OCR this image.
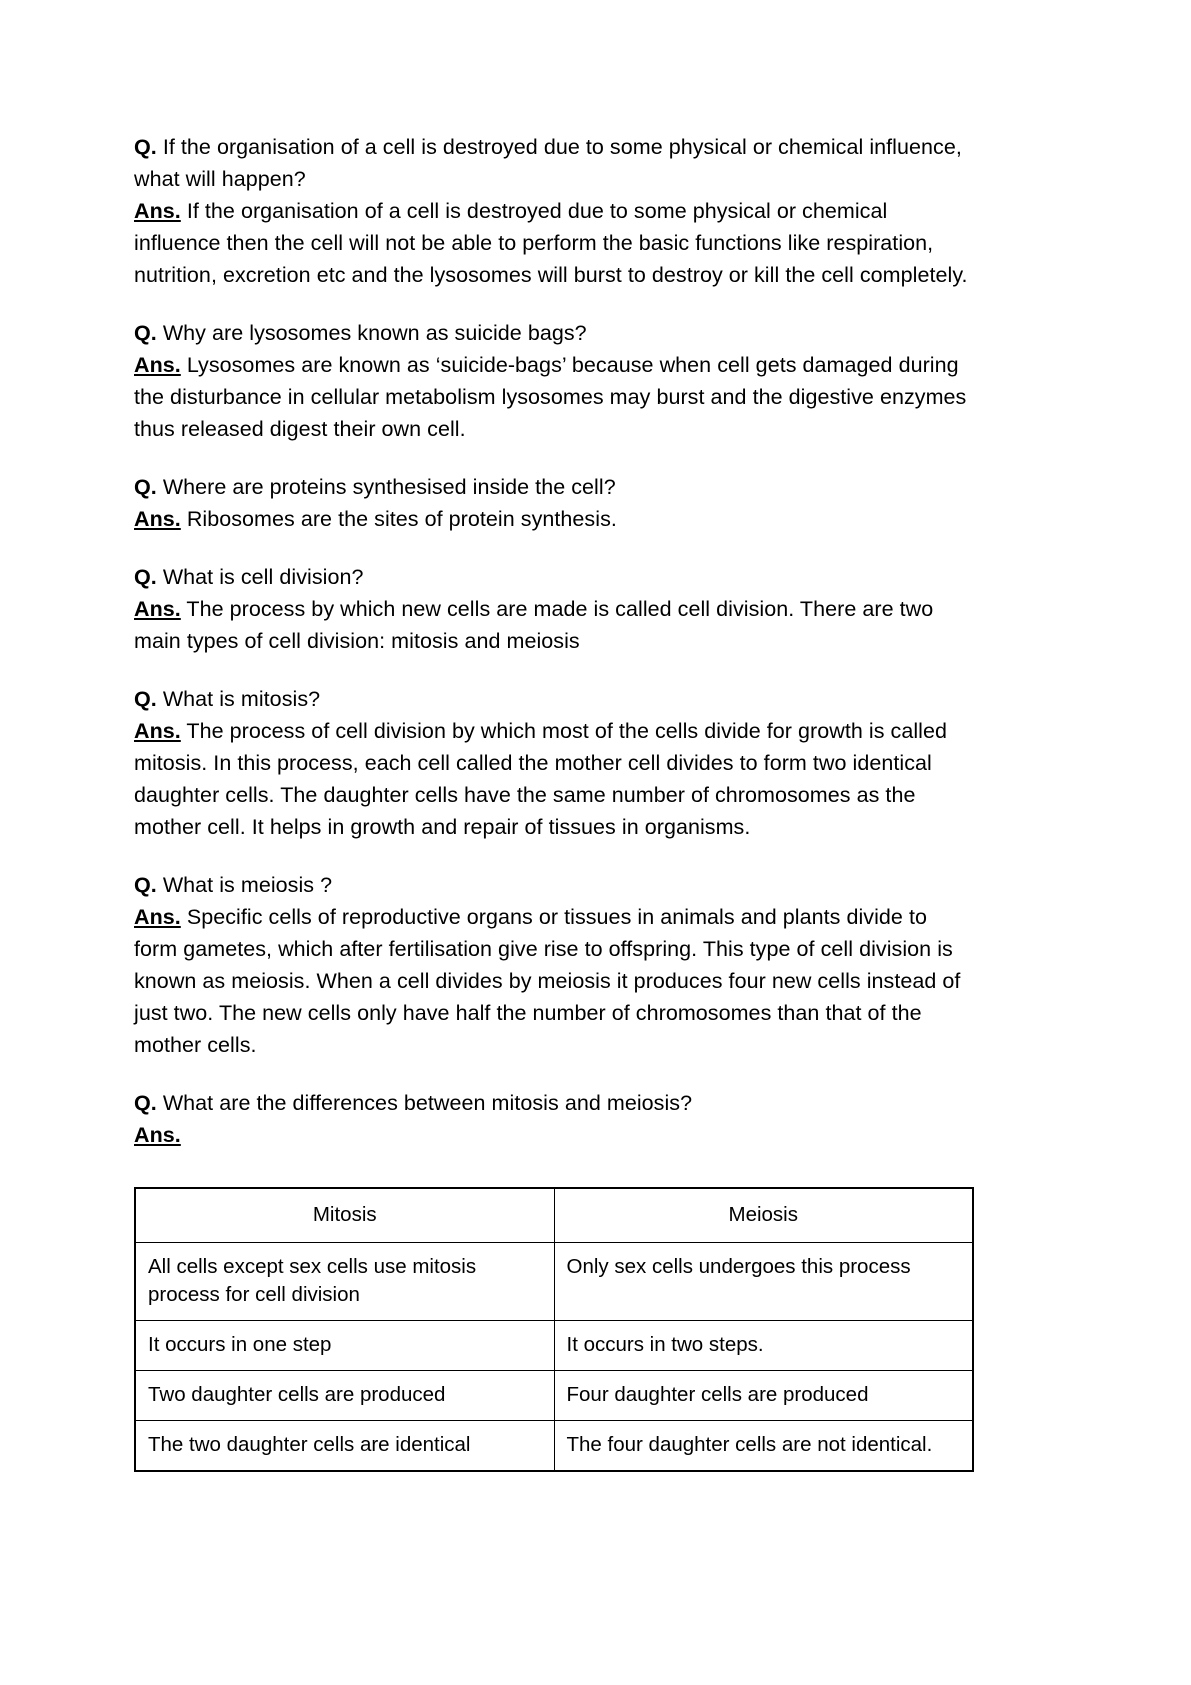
Q. If the organisation of a cell is destroyed due to some physical or chemical influence, what will happen?
Ans. If the organisation of a cell is destroyed due to some physical or chemical influence then the cell will not be able to perform the basic functions like respiration, nutrition, excretion etc and the lysosomes will burst to destroy or kill the cell completely.
Q. Why are lysosomes known as suicide bags?
Ans. Lysosomes are known as ‘suicide-bags’ because when cell gets damaged during the disturbance in cellular metabolism lysosomes may burst and the digestive enzymes thus released digest their own cell.
Q. Where are proteins synthesised inside the cell?
Ans. Ribosomes are the sites of protein synthesis.
Q. What is cell division?
Ans. The process by which new cells are made is called cell division. There are two main types of cell division: mitosis and meiosis
Q. What is mitosis?
Ans. The process of cell division by which most of the cells divide for growth is called mitosis. In this process, each cell called the mother cell divides to form two identical daughter cells. The daughter cells have the same number of chromosomes as the mother cell. It helps in growth and repair of tissues in organisms.
Q. What is meiosis ?
Ans. Specific cells of reproductive organs or tissues in animals and plants divide to form gametes, which after fertilisation give rise to offspring. This type of cell division is known as meiosis. When a cell divides by meiosis it produces four new cells instead of just two. The new cells only have half the number of chromosomes than that of the mother cells.
Q. What are the differences between mitosis and meiosis?
Ans.
Mitosis	Meiosis
All cells except sex cells use mitosis process for cell division	Only sex cells undergoes this process
It occurs in one step	It occurs in two steps.
Two daughter cells are produced	Four daughter cells are produced
The two daughter cells are identical	The four daughter cells are not identical.
